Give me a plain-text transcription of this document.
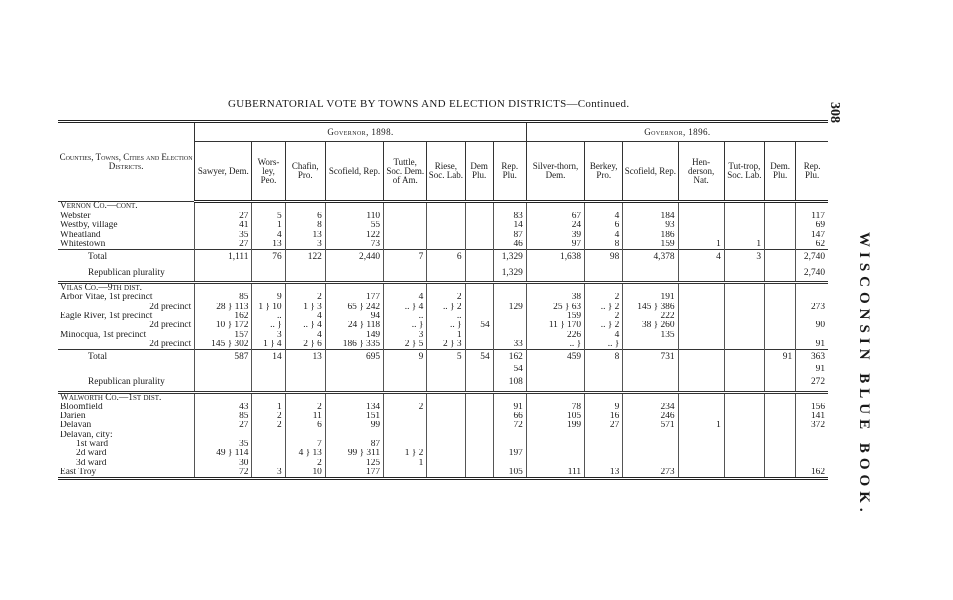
GUBERNATORIAL VOTE BY TOWNS AND ELECTION DISTRICTS—Continued.	308
WISCONSIN BLUE BOOK.
Counties, Towns, Cities and Election Districts.	Governor, 1898.								Governor, 1896.						
	Sawyer, Dem.	Wors-ley, Peo.	Chafin, Pro.	Scofield, Rep.	Tuttle, Soc. Dem. of Am.	Riese, Soc. Lab.	Dem Plu.	Rep. Plu.	Silver-thorn, Dem.	Berkey, Pro.	Scofield, Rep.	Hen-derson, Nat.	Tut-trop, Soc. Lab.	Dem. Plu.	Rep. Plu.
Vernon Co.—cont.															
Webster	27	5	6	110				83	67	4	184				117
Westby, village	41	1	8	55				14	24	6	93				69
Wheatland	35	4	13	122				87	39	4	186				147
Whitestown	27	13	3	73				46	97	8	159	1	1		62
Total	1,111	76	122	2,440	7	6		1,329	1,638	98	4,378	4	3		2,740
Republican plurality								1,329							2,740
Vilas Co.—9th dist.															
Arbor Vitae, 1st precinct	85	9	2	177	4	2			38	2	191				
2d precinct	28 } 113	1 } 10	1 } 3	65 } 242	.. } 4	.. } 2		129	25 } 63	.. } 2	145 } 386				273
Eagle River, 1st precinct	162	..	4	94	..	..			159	2	222				
2d precinct	10 } 172	.. }	.. } 4	24 } 118	.. }	.. }	54		11 } 170	.. } 2	38 } 260				90
Minocqua, 1st precinct	157	3	4	149	3	1			226	4	135				
2d precinct	145 } 302	1 } 4	2 } 6	186 } 335	2 } 5	2 } 3		33	.. }	.. }					91
Total	587	14	13	695	9	5	54	162	459	8	731			91	363
								54							91
Republican plurality								108							272
Walworth Co.—1st dist.															
Bloomfield	43	1	2	134	2			91	78	9	234				156
Darien	85	2	11	151				66	105	16	246				141
Delavan	27	2	6	99				72	199	27	571	1			372
Delavan, city:															
1st ward	35		7	87											
2d ward	49 } 114		4 } 13	99 } 311	1 } 2			197							
3d ward	30		2	125	1										
East Troy	72	3	10	177				105	111	13	273				162
